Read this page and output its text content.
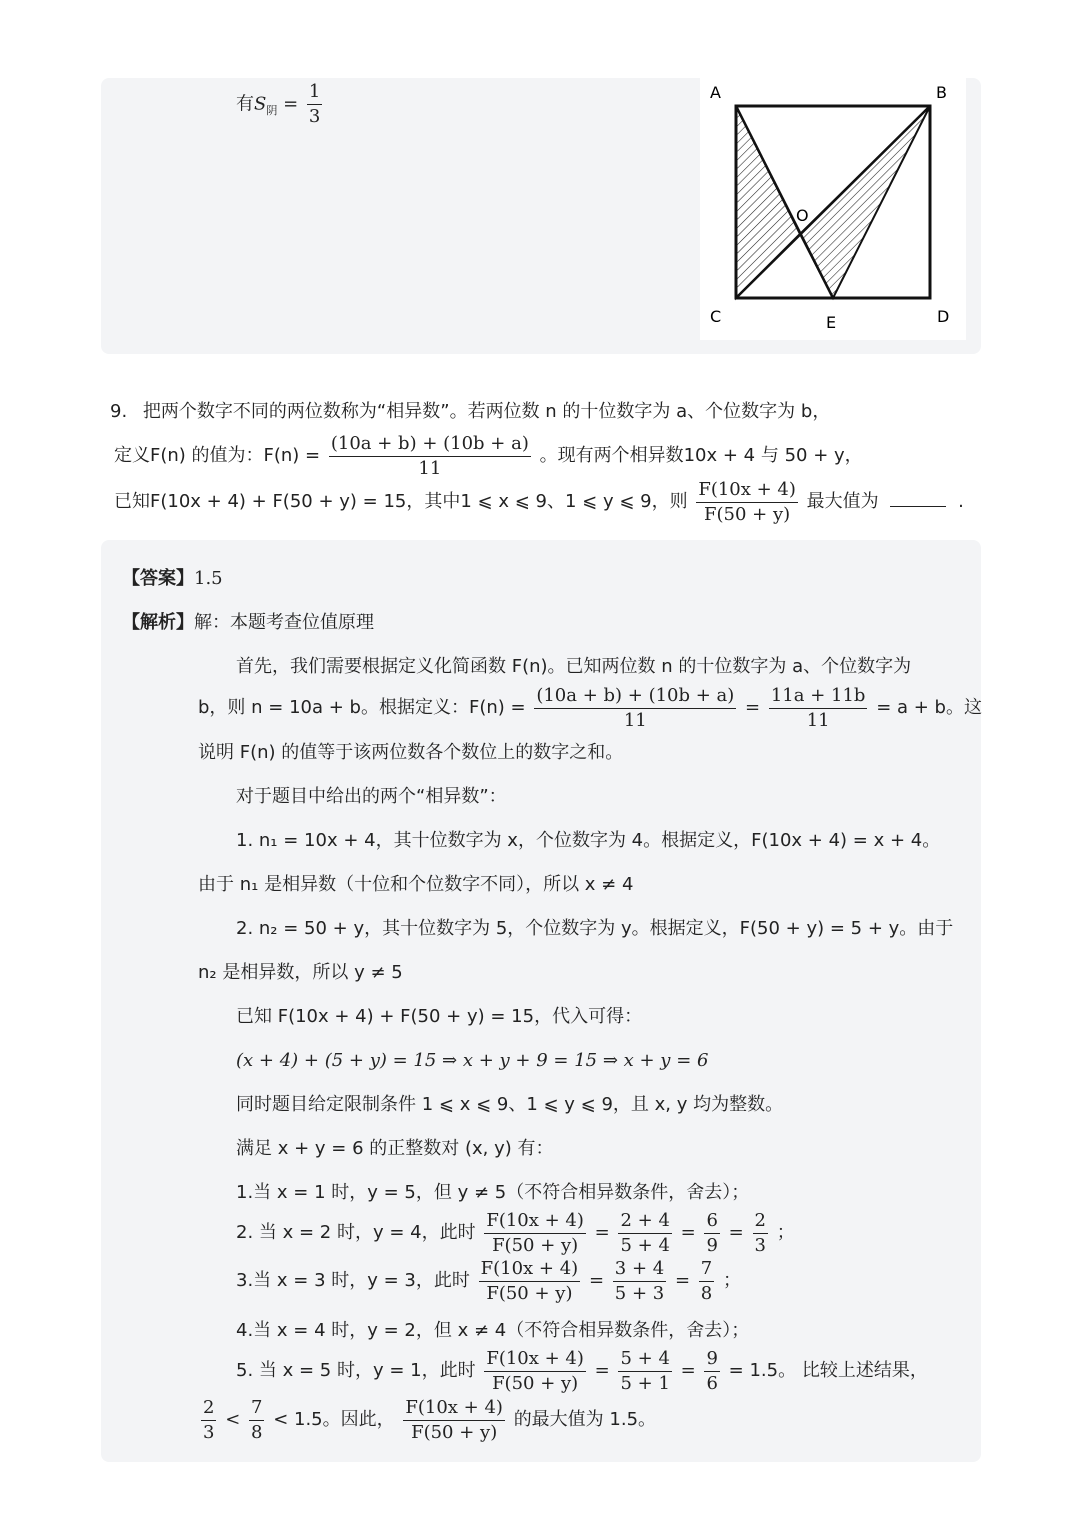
有$S_阴 = \frac{1}{3}$	A	B
C	D
E
O
9. 把两个数字不同的两位数称为“相异数”。若两位数 n 的十位数字为 a、个位数字为 b，
定义F(n) 的值为：$F(n) = \frac{(10a + b) + (10b + a)}{11}$ 。现有两个相异数10x + 4 与 50 + y，
已知F(10x + 4) + F(50 + y) = 15，其中1 ⩽ x ⩽ 9、1 ⩽ y ⩽ 9，则 $\frac{F(10x + 4)}{F(50 + y)}$ 最大值为	.
【答案】1.5
【解析】解：本题考查位值原理
首先，我们需要根据定义化简函数 F(n)。已知两位数 n 的十位数字为 a、个位数字为
b，则 n = 10a + b。根据定义：$F(n) = \frac{(10a + b) + (10b + a)}{11} = \frac{11a + 11b}{11} = a + b$。这
说明 F(n) 的值等于该两位数各个数位上的数字之和。
对于题目中给出的两个“相异数”：
1. n₁ = 10x + 4，其十位数字为 x，个位数字为 4。根据定义，F(10x + 4) = x + 4。
由于 n₁ 是相异数（十位和个位数字不同），所以 x ≠ 4
2. n₂ = 50 + y，其十位数字为 5，个位数字为 y。根据定义，F(50 + y) = 5 + y。由于
n₂ 是相异数，所以 y ≠ 5
已知 F(10x + 4) + F(50 + y) = 15，代入可得：
(x + 4) + (5 + y) = 15 ⇒ x + y + 9 = 15 ⇒ x + y = 6
同时题目给定限制条件 1 ⩽ x ⩽ 9、1 ⩽ y ⩽ 9，且 x, y 均为整数。
满足 x + y = 6 的正整数对 (x, y) 有：
1.当 x = 1 时，y = 5，但 y ≠ 5（不符合相异数条件，舍去）；
2. 当 x = 2 时，y = 4，此时 $\frac{F(10x + 4)}{F(50 + y)} = \frac{2 + 4}{5 + 4} = \frac{6}{9} = \frac{2}{3}$ ；
3.当 x = 3 时，y = 3，此时 $\frac{F(10x + 4)}{F(50 + y)} = \frac{3 + 4}{5 + 3} = \frac{7}{8}$ ；
4.当 x = 4 时，y = 2，但 x ≠ 4（不符合相异数条件，舍去）；
5. 当 x = 5 时，y = 1，此时 $\frac{F(10x + 4)}{F(50 + y)} = \frac{5 + 4}{5 + 1} = \frac{9}{6} = 1.5$。 比较上述结果，
$\frac{2}{3} < \frac{7}{8} < 1.5$。因此， $\frac{F(10x + 4)}{F(50 + y)}$ 的最大值为 1.5。
